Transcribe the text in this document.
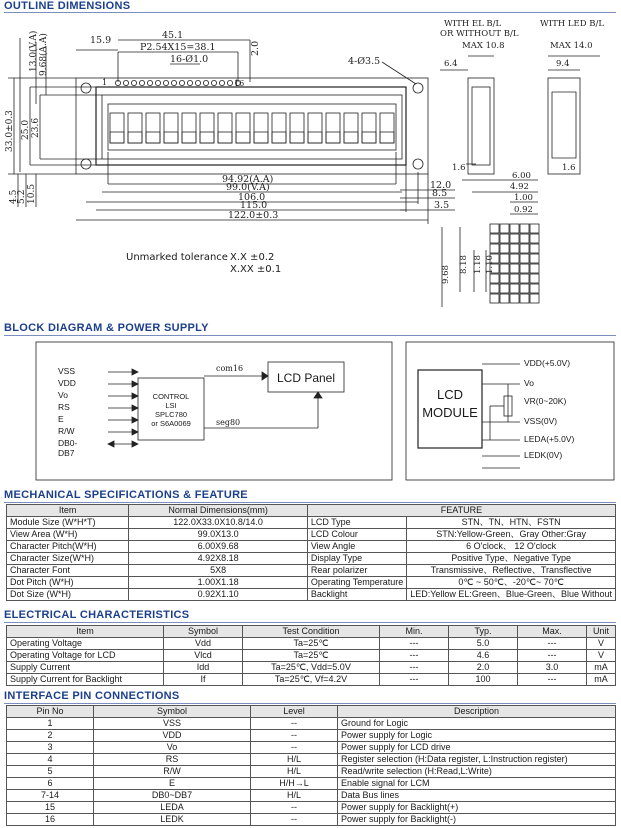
OUTLINE DIMENSIONS
15.9	45.1
P2.54X15=38.1
16-Ø1.0
2.0
4-Ø3.5
1	16
13.0(V.A) 9.68(A.A)
33.0±0.3 25.0 23.6
4.5
5.2 10.5
94.92(A.A)
99.0(V.A)
106.0
115.0
122.0±0.3
12.0
8.5
3.5
WITH EL B/L
OR WITHOUT B/L
MAX 10.8
6.4
1.6
WITH LED B/L
MAX 14.0
9.4
1.6
6.00
4.92
1.00
0.92
9.68
8.18 1.18 1.10
Unmarked tolerance X.X ±0.2
X.XX ±0.1
BLOCK DIAGRAM & POWER SUPPLY
VSS
VDD
Vo
RS
E
R/W
DB0-DB7
CONTROL
LSI
SPLC780
or S6A0069
com16
seg80
LCD Panel
LCD
MODULE
VDD(+5.0V)
Vo
VR(0~20K)
VSS(0V)
LEDA(+5.0V)
LEDK(0V)
MECHANICAL SPECIFICATIONS & FEATURE
Item	Normal Dimensions(mm)	FEATURE	
Module Size (W*H*T)	122.0X33.0X10.8/14.0	LCD Type	STN、TN、HTN、FSTN
View Area (W*H)	99.0X13.0	LCD Colour	STN:Yellow-Green、Gray Other:Gray
Character Pitch(W*H)	6.00X9.68	View Angle	6 O'clock、 12 O'clock
Character Size(W*H)	4.92X8.18	Display Type	Positive Type、Negative Type
Character Font	5X8	Rear polarizer	Transmissive、Reflective、Transflective
Dot Pitch (W*H)	1.00X1.18	Operating Temperature	0℃ ~ 50℃、-20℃~ 70℃
Dot Size (W*H)	0.92X1.10	Backlight	LED:Yellow EL:Green、Blue-Green、Blue Without
ELECTRICAL CHARACTERISTICS
Item	Symbol	Test Condition	Min.	Typ.	Max.	Unit
Operating Voltage	Vdd	Ta=25℃	---	5.0	---	V
Operating Voltage for LCD	Vlcd	Ta=25℃	---	4.6	---	V
Supply Current	Idd	Ta=25℃, Vdd=5.0V	---	2.0	3.0	mA
Supply Current for Backlight	If	Ta=25℃, Vf=4.2V	---	100	---	mA
INTERFACE PIN CONNECTIONS
Pin No	Symbol	Level	Description
1	VSS	--	Ground for Logic
2	VDD	--	Power supply for Logic
3	Vo	--	Power supply for LCD drive
4	RS	H/L	Register selection (H:Data register, L:Instruction register)
5	R/W	H/L	Read/write selection (H:Read,L:Write)
6	E	H/H→L	Enable signal for LCM
7-14	DB0~DB7	H/L	Data Bus lines
15	LEDA	--	Power supply for Backlight(+)
16	LEDK	--	Power supply for Backlight(-)
